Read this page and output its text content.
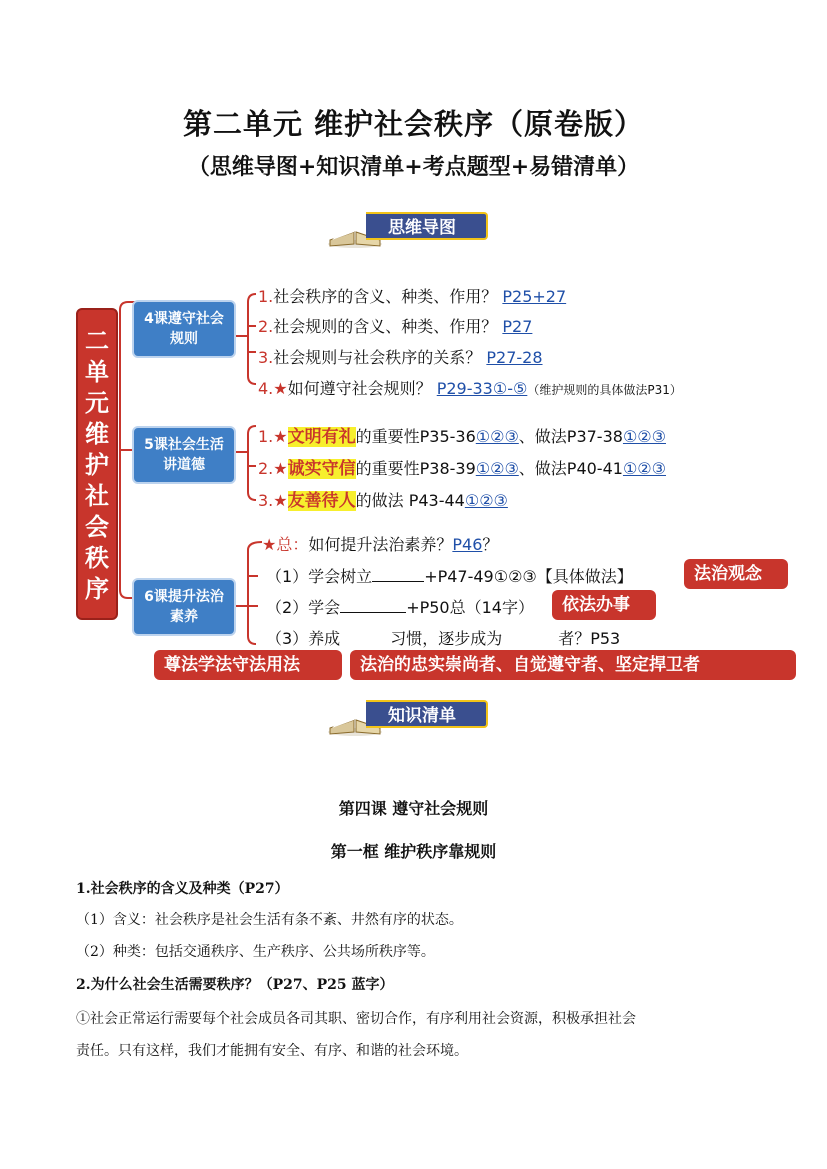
第二单元 维护社会秩序（原卷版）
（思维导图+知识清单+考点题型+易错清单）
思维导图
二单元维护社会秩序
4课遵守社会规则
5课社会生活讲道德
6课提升法治素养
1.社会秩序的含义、种类、作用？ P25+27
2.社会规则的含义、种类、作用？ P27
3.社会规则与社会秩序的关系？ P27-28
4.★如何遵守社会规则？ P29-33①-⑤（维护规则的具体做法P31）
1.★文明有礼的重要性P35-36①②③、做法P37-38①②③
2.★诚实守信的重要性P38-39①②③、做法P40-41①②③
3.★友善待人的做法 P43-44①②③
★总：如何提升法治素养？P46？
（1）学会树立	+P47-49①②③【具体做法】
（2）学会	+P50总（14字）
（3）养成	习惯，逐步成为	者？P53
法治观念
依法办事
尊法学法守法用法	法治的忠实崇尚者、自觉遵守者、坚定捍卫者
知识清单
第四课 遵守社会规则
第一框 维护秩序靠规则
1.社会秩序的含义及种类（P27）
（1）含义：社会秩序是社会生活有条不紊、井然有序的状态。
（2）种类：包括交通秩序、生产秩序、公共场所秩序等。
2.为什么社会生活需要秩序？（P27、P25 蓝字）
①社会正常运行需要每个社会成员各司其职、密切合作，有序利用社会资源，积极承担社会
责任。只有这样，我们才能拥有安全、有序、和谐的社会环境。
